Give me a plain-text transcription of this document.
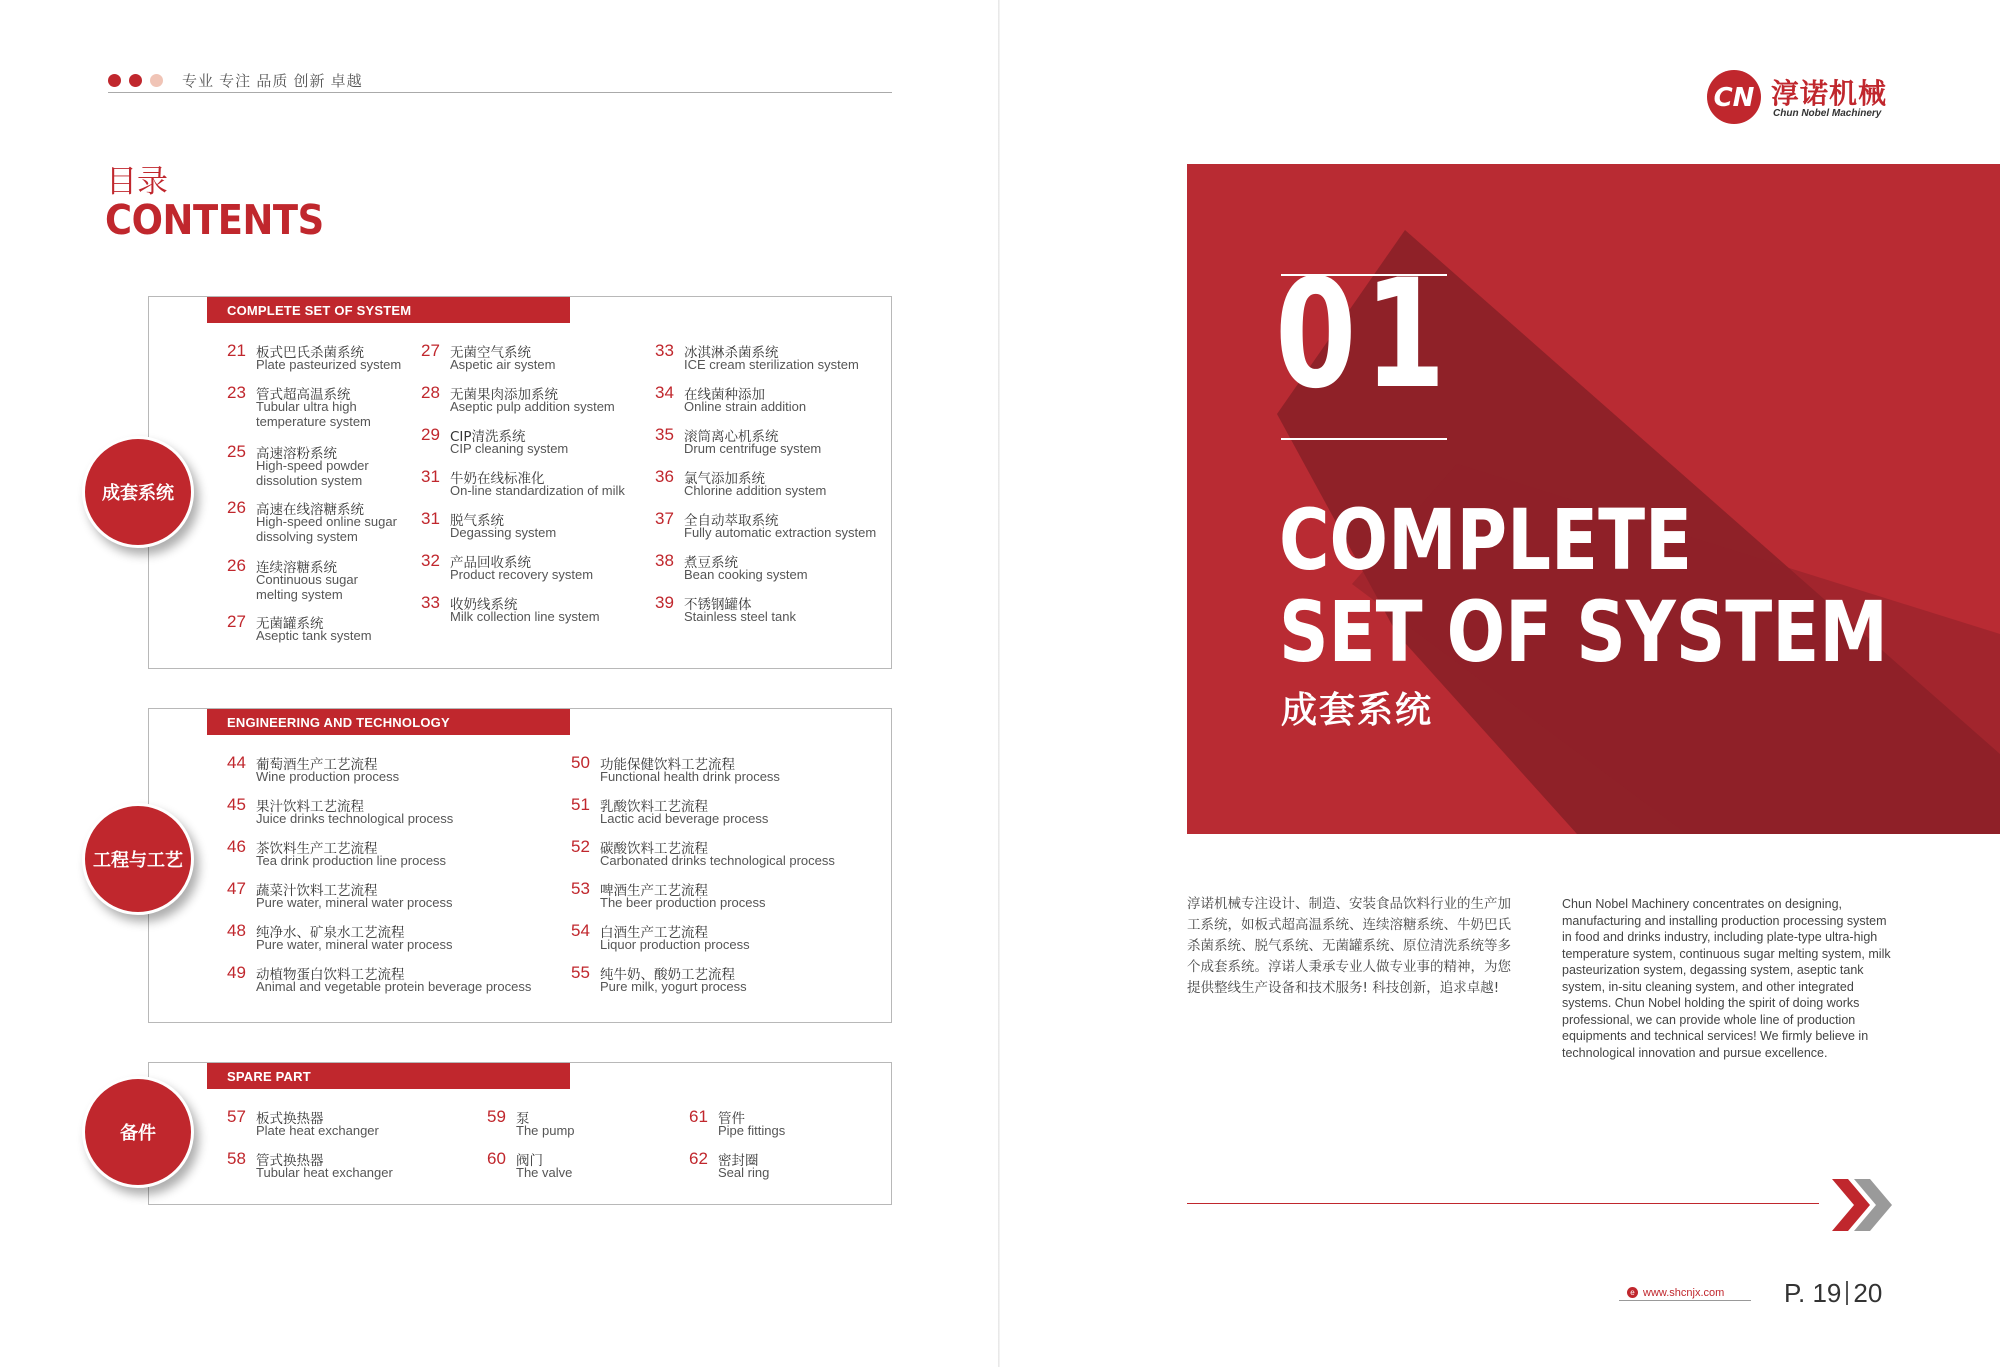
专业 专注 品质 创新 卓越
目录
CONTENTS
COMPLETE SET OF SYSTEM
21 板式巴氏杀菌系统
Plate pasteurized system
23 管式超高温系统
Tubular ultra high
temperature system
25 高速溶粉系统
High-speed powder
dissolution system
26 高速在线溶糖系统
High-speed online sugar
dissolving system
26 连续溶糖系统
Continuous sugar
melting system
27 无菌罐系统
Aseptic tank system
27 无菌空气系统
Aspetic air system
28 无菌果肉添加系统
Aseptic pulp addition system
29 CIP清洗系统
CIP cleaning system
31 牛奶在线标准化
On-line standardization of milk
31 脱气系统
Degassing system
32 产品回收系统
Product recovery system
33 收奶线系统
Milk collection line system
33 冰淇淋杀菌系统
ICE cream sterilization system
34 在线菌种添加
Online strain addition
35 滚筒离心机系统
Drum centrifuge system
36 氯气添加系统
Chlorine addition system
37 全自动萃取系统
Fully automatic extraction system
38 煮豆系统
Bean cooking system
39 不锈钢罐体
Stainless steel tank
ENGINEERING AND TECHNOLOGY
44 葡萄酒生产工艺流程
Wine production process
45 果汁饮料工艺流程
Juice drinks technological process
46 茶饮料生产工艺流程
Tea drink production line process
47 蔬菜汁饮料工艺流程
Pure water, mineral water process
48 纯净水、矿泉水工艺流程
Pure water, mineral water process
49 动植物蛋白饮料工艺流程
Animal and vegetable protein beverage process
50 功能保健饮料工艺流程
Functional health drink process
51 乳酸饮料工艺流程
Lactic acid beverage process
52 碳酸饮料工艺流程
Carbonated drinks technological process
53 啤酒生产工艺流程
The beer production process
54 白酒生产工艺流程
Liquor production process
55 纯牛奶、酸奶工艺流程
Pure milk, yogurt process
SPARE PART
57 板式换热器
Plate heat exchanger
58 管式换热器
Tubular heat exchanger
59 泵
The pump
60 阀门
The valve
61 管件
Pipe fittings
62 密封圈
Seal ring
成套系统
工程与工艺
备件
CN 淳诺机械
Chun Nobel Machinery
01
COMPLETE
SET OF SYSTEM
成套系统
淳诺机械专注设计、制造、安装食品饮料行业的生产加工系统，如板式超高温系统、连续溶糖系统、牛奶巴氏杀菌系统、脱气系统、无菌罐系统、原位清洗系统等多个成套系统。淳诺人秉承专业人做专业事的精神，为您提供整线生产设备和技术服务! 科技创新，追求卓越!
Chun Nobel Machinery concentrates on designing, manufacturing and installing production processing system in food and drinks industry, including plate-type ultra-high temperature system, continuous sugar melting system, milk pasteurization system, degassing system, aseptic tank system, in-situ cleaning system, and other integrated systems. Chun Nobel holding the spirit of doing works professional, we can provide whole line of production equipments and technical services! We firmly believe in technological innovation and pursue excellence.
e www.shcnjx.com P. 19 20
